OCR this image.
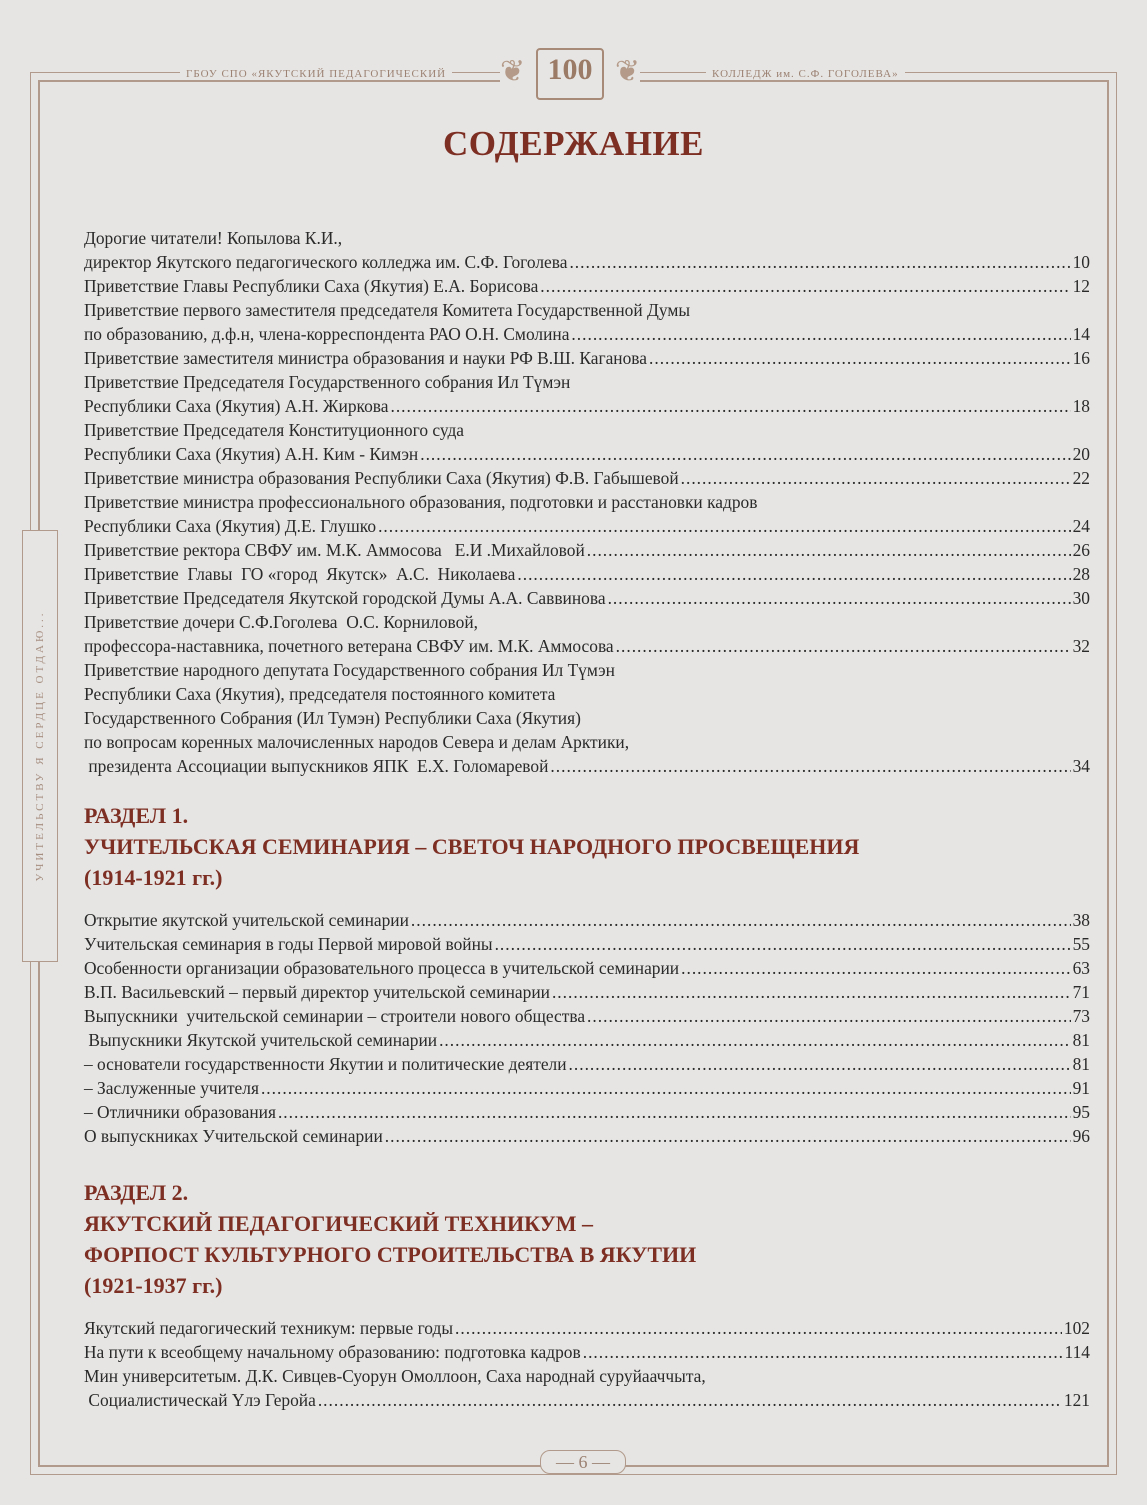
ГБОУ СПО «ЯКУТСКИЙ ПЕДАГОГИЧЕСКИЙ	КОЛЛЕДЖ им. С.Ф. ГОГОЛЕВА»
❦ 100 ❦
УЧИТЕЛЬСТВУ Я СЕРДЦЕ ОТДАЮ...
СОДЕРЖАНИЕ
Дорогие читатели! Копылова К.И.,
директор Якутского педагогического колледжа им. С.Ф. Гоголева .....	10
Приветствие Главы Республики Саха (Якутия) Е.А. Борисова .....	12
Приветствие первого заместителя председателя Комитета Государственной Думы
по образованию, д.ф.н, члена-корреспондента РАО О.Н. Смолина .....	14
Приветствие заместителя министра образования и науки РФ В.Ш. Каганова .....	16
Приветствие Председателя Государственного собрания Ил Түмэн
Республики Саха (Якутия) А.Н. Жиркова .....	18
Приветствие Председателя Конституционного суда
Республики Саха (Якутия) А.Н. Ким - Кимэн .....	20
Приветствие министра образования Республики Саха (Якутия) Ф.В. Габышевой .....	22
Приветствие министра профессионального образования, подготовки и расстановки кадров
Республики Саха (Якутия) Д.Е. Глушко .....	24
Приветствие ректора СВФУ им. М.К. Аммосова   Е.И .Михайловой .....	26
Приветствие  Главы  ГО «город  Якутск»  А.С.  Николаева .....	28
Приветствие Председателя Якутской городской Думы А.А. Саввинова .....	30
Приветствие дочери С.Ф.Гоголева  О.С. Корниловой,
профессора-наставника, почетного ветерана СВФУ им. М.К. Аммосова .....	32
Приветствие народного депутата Государственного собрания Ил Түмэн
Республики Саха (Якутия), председателя постоянного комитета
Государственного Собрания (Ил Тумэн) Республики Саха (Якутия)
по вопросам коренных малочисленных народов Севера и делам Арктики,
президента Ассоциации выпускников ЯПК  Е.Х. Голомаревой .....	34
РАЗДЕЛ 1.
УЧИТЕЛЬСКАЯ СЕМИНАРИЯ – СВЕТОЧ НАРОДНОГО ПРОСВЕЩЕНИЯ
(1914-1921 гг.)
Открытие якутской учительской семинарии .....	38
Учительская семинария в годы Первой мировой войны .....	55
Особенности организации образовательного процесса в учительской семинарии .....	63
В.П. Васильевский – первый директор учительской семинарии .....	71
Выпускники  учительской семинарии – строители нового общества .....	73
Выпускники Якутской учительской семинарии .....	81
– основатели государственности Якутии и политические деятели .....	81
– Заслуженные учителя .....	91
– Отличники образования .....	95
О выпускниках Учительской семинарии .....	96
РАЗДЕЛ 2.
ЯКУТСКИЙ ПЕДАГОГИЧЕСКИЙ ТЕХНИКУМ –
ФОРПОСТ КУЛЬТУРНОГО СТРОИТЕЛЬСТВА В ЯКУТИИ
(1921-1937 гг.)
Якутский педагогический техникум: первые годы .....	102
На пути к всеобщему начальному образованию: подготовка кадров .....	114
Мин университетым. Д.К. Сивцев-Суорун Омоллоон, Саха народнай суруйааччыта,
Социалистическай Үлэ Геройа .....	121
— 6 —
